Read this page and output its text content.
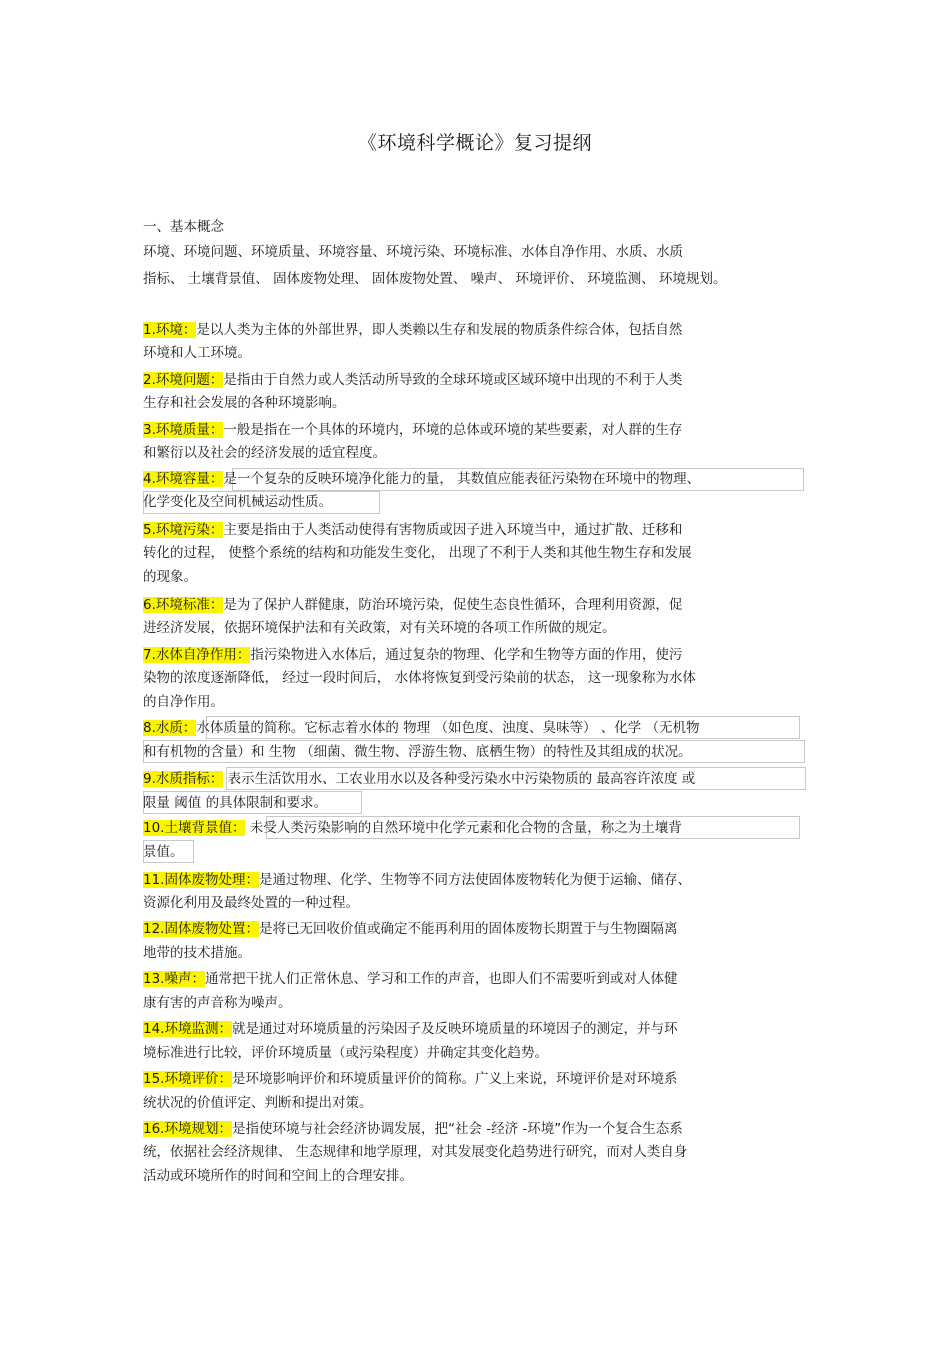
《环境科学概论》复习提纲
一、基本概念
环境、环境问题、环境质量、环境容量、环境污染、环境标准、水体自净作用、水质、水质
指标、 土壤背景值、 固体废物处理、 固体废物处置、 噪声、 环境评价、 环境监测、 环境规划。
1.环境：是以人类为主体的外部世界，即人类赖以生存和发展的物质条件综合体，包括自然
环境和人工环境。
2.环境问题：是指由于自然力或人类活动所导致的全球环境或区域环境中出现的不利于人类
生存和社会发展的各种环境影响。
3.环境质量：一般是指在一个具体的环境内，环境的总体或环境的某些要素，对人群的生存
和繁衍以及社会的经济发展的适宜程度。
4.环境容量：是一个复杂的反映环境净化能力的量， 其数值应能表征污染物在环境中的物理、
化学变化及空间机械运动性质。
5.环境污染：主要是指由于人类活动使得有害物质或因子进入环境当中，通过扩散、迁移和
转化的过程， 使整个系统的结构和功能发生变化， 出现了不利于人类和其他生物生存和发展
的现象。
6.环境标准：是为了保护人群健康，防治环境污染，促使生态良性循环，合理利用资源，促
进经济发展，依据环境保护法和有关政策，对有关环境的各项工作所做的规定。
7.水体自净作用：指污染物进入水体后，通过复杂的物理、化学和生物等方面的作用，使污
染物的浓度逐渐降低， 经过一段时间后， 水体将恢复到受污染前的状态， 这一现象称为水体
的自净作用。
8.水质：水体质量的简称。它标志着水体的 物理 （如色度、浊度、臭味等） 、化学 （无机物
和有机物的含量）和 生物 （细菌、微生物、浮游生物、底栖生物）的特性及其组成的状况。
9.水质指标： 表示生活饮用水、工农业用水以及各种受污染水中污染物质的 最高容许浓度 或
限量 阈值 的具体限制和要求。
10.土壤背景值： 未受人类污染影响的自然环境中化学元素和化合物的含量，称之为土壤背
景值。
11.固体废物处理：是通过物理、化学、生物等不同方法使固体废物转化为便于运输、储存、
资源化利用及最终处置的一种过程。
12.固体废物处置：是将已无回收价值或确定不能再利用的固体废物长期置于与生物圈隔离
地带的技术措施。
13.噪声：通常把干扰人们正常休息、学习和工作的声音，也即人们不需要听到或对人体健
康有害的声音称为噪声。
14.环境监测：就是通过对环境质量的污染因子及反映环境质量的环境因子的测定，并与环
境标准进行比较，评价环境质量（或污染程度）并确定其变化趋势。
15.环境评价：是环境影响评价和环境质量评价的简称。广义上来说，环境评价是对环境系
统状况的价值评定、判断和提出对策。
16.环境规划：是指使环境与社会经济协调发展，把“社会 -经济 -环境”作为一个复合生态系
统，依据社会经济规律、 生态规律和地学原理，对其发展变化趋势进行研究，而对人类自身
活动或环境所作的时间和空间上的合理安排。
